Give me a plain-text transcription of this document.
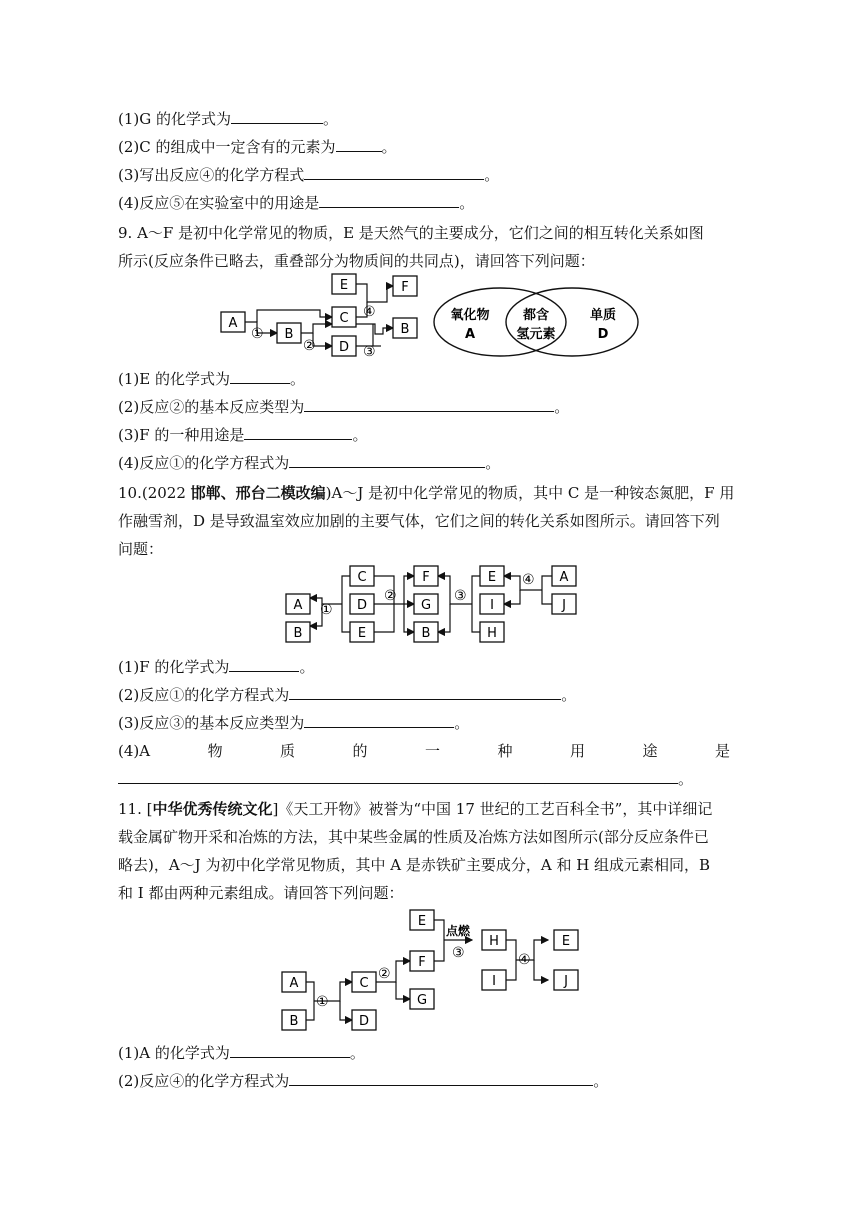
(1)G 的化学式为	。
(2)C 的组成中一定含有的元素为	。
(3)写出反应④的化学方程式	。
(4)反应⑤在实验室中的用途是	。
9. A～F 是初中化学常见的物质，E 是天然气的主要成分，它们之间的相互转化关系如图
所示(反应条件已略去，重叠部分为物质间的共同点)，请回答下列问题：
A
B
C
D
E	F
B
①
②	③
④	氧化物
A
都含
氢元素
单质
D
(1)E 的化学式为	。
(2)反应②的基本反应类型为	。
(3)F 的一种用途是	。
(4)反应①的化学方程式为	。
10.(2022 邯郸、邢台二模改编)A～J 是初中化学常见的物质，其中 C 是一种铵态氮肥，F 用
作融雪剂，D 是导致温室效应加剧的主要气体，它们之间的转化关系如图所示。请回答下列
问题：
A
B
C
D
E
F
G
B
E
I
H
A
J
①
②	③
④
(1)F 的化学式为	。
(2)反应①的化学方程式为	。
(3)反应③的基本反应类型为	。
(4)A	物	质	的	一	种	用	途	是
。
11. [中华优秀传统文化]《天工开物》被誉为“中国 17 世纪的工艺百科全书”，其中详细记
载金属矿物开采和冶炼的方法，其中某些金属的性质及冶炼方法如图所示(部分反应条件已
略去)，A～J 为初中化学常见物质，其中 A 是赤铁矿主要成分，A 和 H 组成元素相同，B
和 I 都由两种元素组成。请回答下列问题：
E
A	C
F
H	E
B	D
G
I	J
①
②
③	④
点燃
(1)A 的化学式为	。
(2)反应④的化学方程式为	。
